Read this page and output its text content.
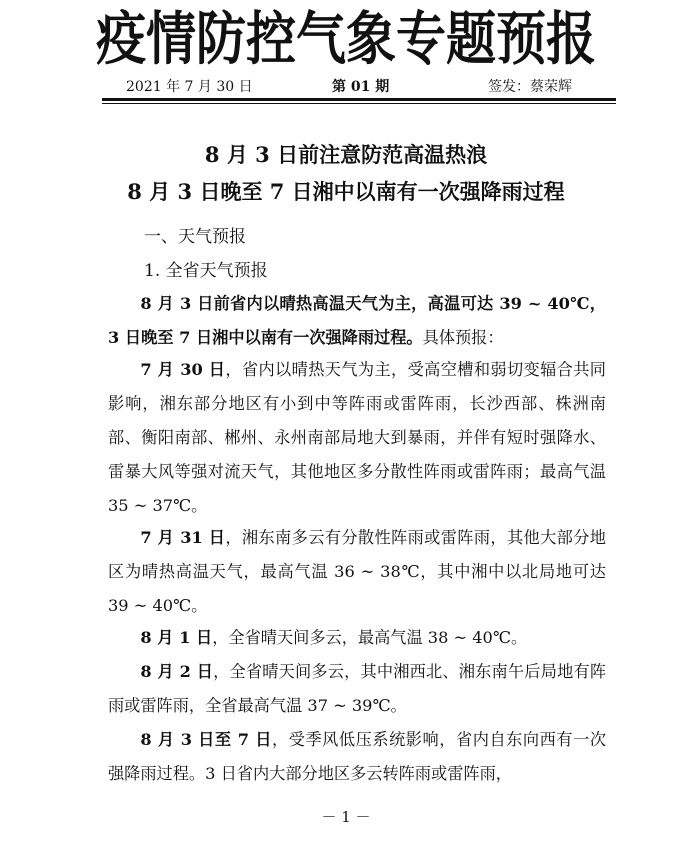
疫情防控气象专题预报
2021 年 7 月 30 日	第 01 期	签发：蔡荣辉
8 月 3 日前注意防范高温热浪
8 月 3 日晚至 7 日湘中以南有一次强降雨过程
一、天气预报
1. 全省天气预报
8 月 3 日前省内以晴热高温天气为主，高温可达 39 ~ 40℃，3 日晚至 7 日湘中以南有一次强降雨过程。具体预报：
7 月 30 日，省内以晴热天气为主，受高空槽和弱切变辐合共同影响，湘东部分地区有小到中等阵雨或雷阵雨，长沙西部、株洲南部、衡阳南部、郴州、永州南部局地大到暴雨，并伴有短时强降水、雷暴大风等强对流天气，其他地区多分散性阵雨或雷阵雨；最高气温 35 ~ 37℃。
7 月 31 日，湘东南多云有分散性阵雨或雷阵雨，其他大部分地区为晴热高温天气，最高气温 36 ~ 38℃，其中湘中以北局地可达 39 ~ 40℃。
8 月 1 日，全省晴天间多云，最高气温 38 ~ 40℃。
8 月 2 日，全省晴天间多云，其中湘西北、湘东南午后局地有阵雨或雷阵雨，全省最高气温 37 ~ 39℃。
8 月 3 日至 7 日，受季风低压系统影响，省内自东向西有一次强降雨过程。3 日省内大部分地区多云转阵雨或雷阵雨，
－ 1 －
